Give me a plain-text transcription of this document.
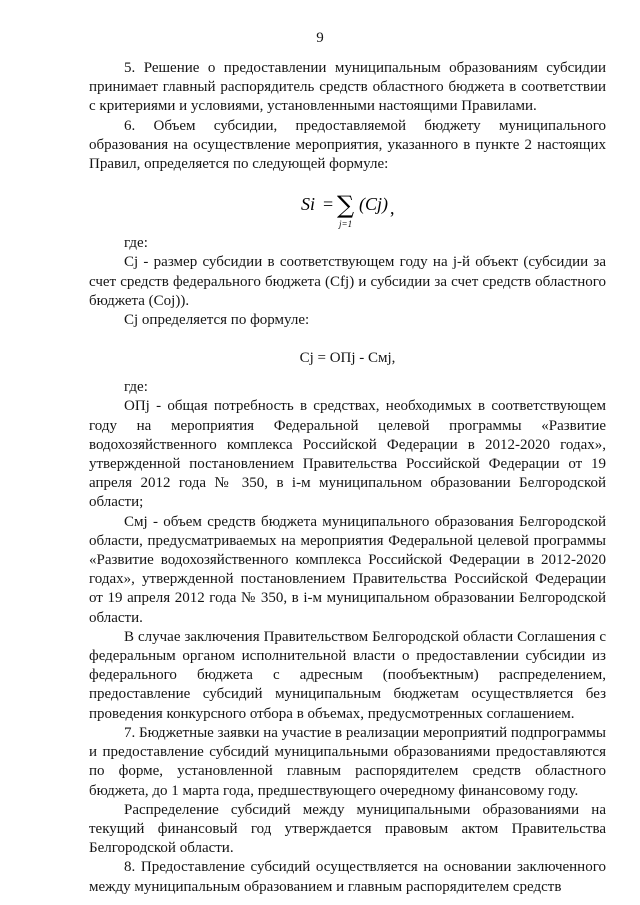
9

5. Решение о предоставлении муниципальным образованиям субсидии принимает главный распорядитель средств областного бюджета в соответствии с критериями и условиями, установленными настоящими Правилами.

6. Объем субсидии, предоставляемой бюджету муниципального образования на осуществление мероприятия, указанного в пункте 2 настоящих Правил, определяется по следующей формуле:

Si = ∑
j=1
(Cj) ,

где:

Cj - размер субсидии в соответствующем году на j-й объект (субсидии за счет средств федерального бюджета (Cfj) и субсидии за счет средств областного бюджета (Coj)).

Cj определяется по формуле:

Cj = ОПj - Cмj,

где:

ОПj - общая потребность в средствах, необходимых в соответствующем году на мероприятия Федеральной целевой программы «Развитие водохозяйственного комплекса Российской Федерации в 2012-2020 годах», утвержденной постановлением Правительства Российской Федерации от 19 апреля 2012 года № 350, в i-м муниципальном образовании Белгородской области;

Cмj - объем средств бюджета муниципального образования Белгородской области, предусматриваемых на мероприятия Федеральной целевой программы «Развитие водохозяйственного комплекса Российской Федерации в 2012-2020 годах», утвержденной постановлением Правительства Российской Федерации от 19 апреля 2012 года № 350, в i-м муниципальном образовании Белгородской области.

В случае заключения Правительством Белгородской области Соглашения с федеральным органом исполнительной власти о предоставлении субсидии из федерального бюджета с адресным (пообъектным) распределением, предоставление субсидий муниципальным бюджетам осуществляется без проведения конкурсного отбора в объемах, предусмотренных соглашением.

7. Бюджетные заявки на участие в реализации мероприятий подпрограммы и предоставление субсидий муниципальными образованиями предоставляются по форме, установленной главным распорядителем средств областного бюджета, до 1 марта года, предшествующего очередному финансовому году.

Распределение субсидий между муниципальными образованиями на текущий финансовый год утверждается правовым актом Правительства Белгородской области.

8. Предоставление субсидий осуществляется на основании заключенного между муниципальным образованием и главным распорядителем средств
